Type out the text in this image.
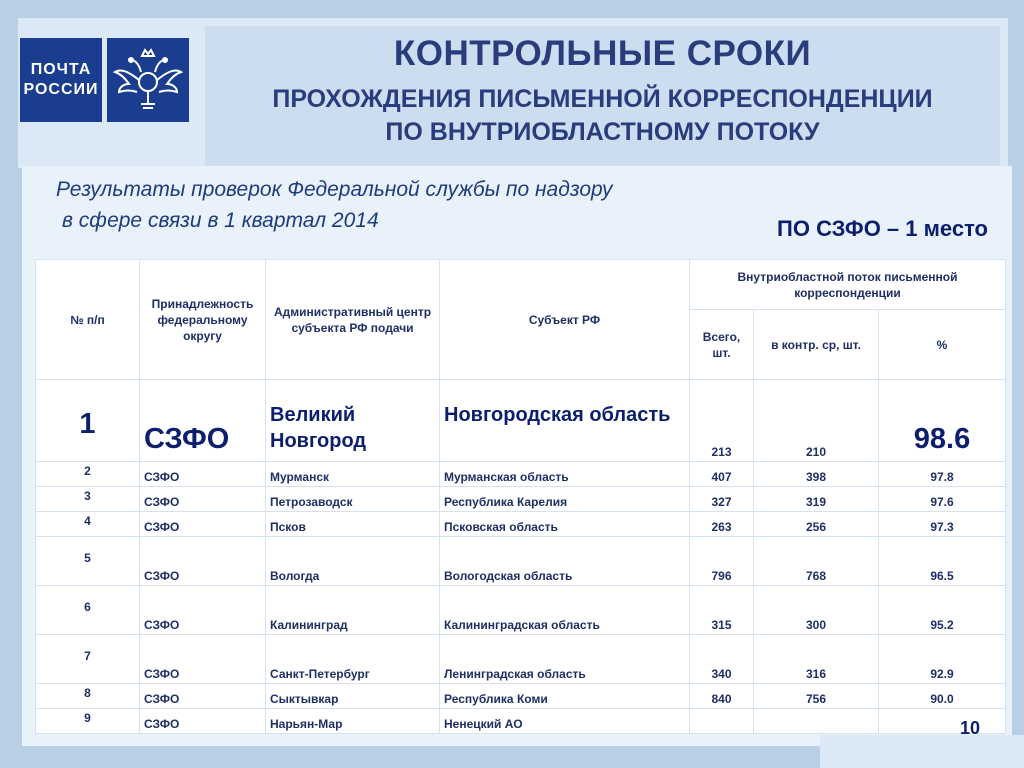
ПОЧТА
РОССИИ
КОНТРОЛЬНЫЕ СРОКИ
ПРОХОЖДЕНИЯ ПИСЬМЕННОЙ КОРРЕСПОНДЕНЦИИ
ПО ВНУТРИОБЛАСТНОМУ ПОТОКУ
Результаты проверок Федеральной службы по надзору
в сфере связи в 1 квартал 2014	ПО СЗФО – 1 место
№ п/п	Принадлежность федеральному округу	Административный центр субъекта РФ подачи	Субъект РФ	Внутриобластной поток письменной корреспонденции		
				Всего, шт.	в контр. ср, шт.	%
1	СЗФО	Великий Новгород	Новгородская область	213	210	98.6
2	СЗФО	Мурманск	Мурманская область	407	398	97.8
3	СЗФО	Петрозаводск	Республика Карелия	327	319	97.6
4	СЗФО	Псков	Псковская область	263	256	97.3
5	СЗФО	Вологда	Вологодская область	796	768	96.5
6	СЗФО	Калининград	Калининградская область	315	300	95.2
7	СЗФО	Санкт-Петербург	Ленинградская область	340	316	92.9
8	СЗФО	Сыктывкар	Республика Коми	840	756	90.0
9	СЗФО	Нарьян-Мар	Ненецкий АО				10
